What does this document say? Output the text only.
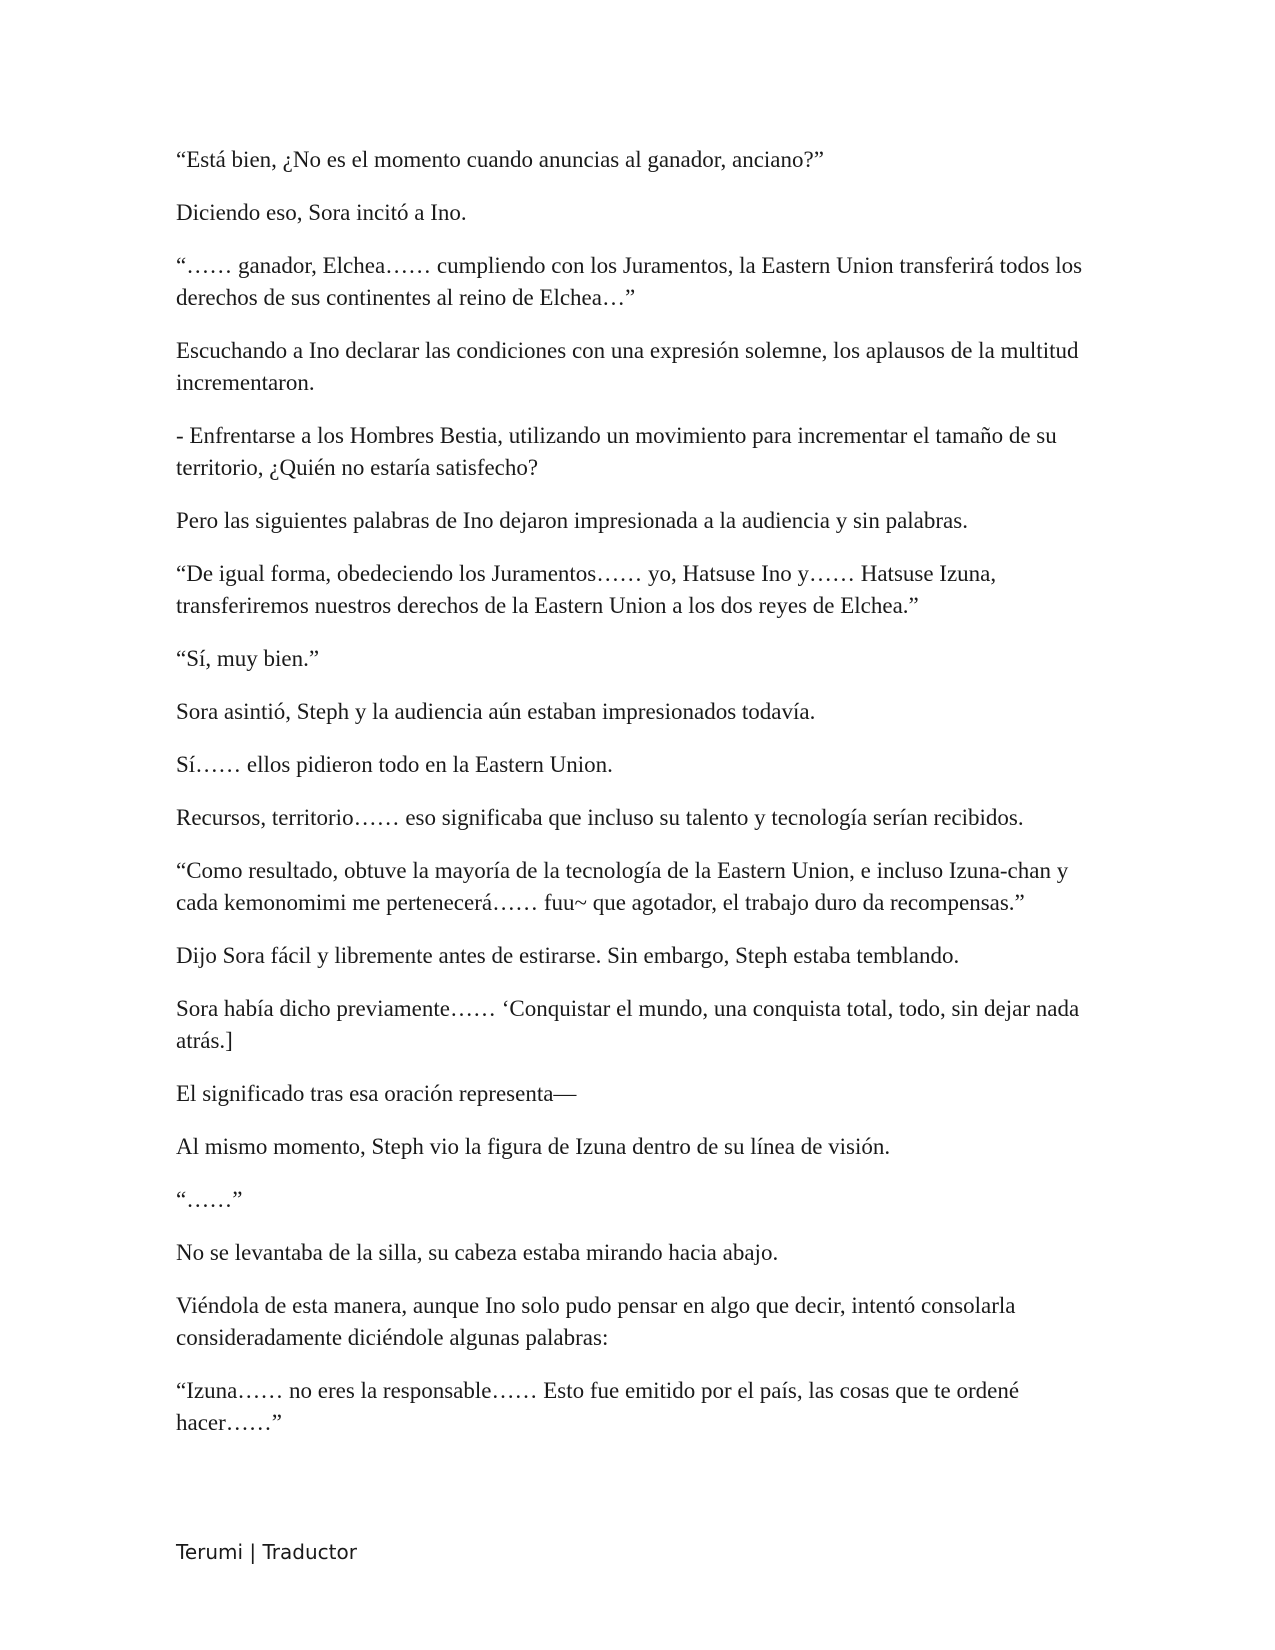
“Está bien, ¿No es el momento cuando anuncias al ganador, anciano?”

Diciendo eso, Sora incitó a Ino.

“…… ganador, Elchea…… cumpliendo con los Juramentos, la Eastern Union transferirá todos los derechos de sus continentes al reino de Elchea…”

Escuchando a Ino declarar las condiciones con una expresión solemne, los aplausos de la multitud incrementaron.

- Enfrentarse a los Hombres Bestia, utilizando un movimiento para incrementar el tamaño de su territorio, ¿Quién no estaría satisfecho?

Pero las siguientes palabras de Ino dejaron impresionada a la audiencia y sin palabras.

“De igual forma, obedeciendo los Juramentos…… yo, Hatsuse Ino y…… Hatsuse Izuna, transferiremos nuestros derechos de la Eastern Union a los dos reyes de Elchea.”

“Sí, muy bien.”

Sora asintió, Steph y la audiencia aún estaban impresionados todavía.

Sí…… ellos pidieron todo en la Eastern Union.

Recursos, territorio…… eso significaba que incluso su talento y tecnología serían recibidos.

“Como resultado, obtuve la mayoría de la tecnología de la Eastern Union, e incluso Izuna-chan y cada kemonomimi me pertenecerá…… fuu~ que agotador, el trabajo duro da recompensas.”

Dijo Sora fácil y libremente antes de estirarse. Sin embargo, Steph estaba temblando.

Sora había dicho previamente…… ‘Conquistar el mundo, una conquista total, todo, sin dejar nada atrás.]

El significado tras esa oración representa—

Al mismo momento, Steph vio la figura de Izuna dentro de su línea de visión.

“……”

No se levantaba de la silla, su cabeza estaba mirando hacia abajo.

Viéndola de esta manera, aunque Ino solo pudo pensar en algo que decir, intentó consolarla consideradamente diciéndole algunas palabras:

“Izuna…… no eres la responsable…… Esto fue emitido por el país, las cosas que te ordené hacer……”

Terumi | Traductor
